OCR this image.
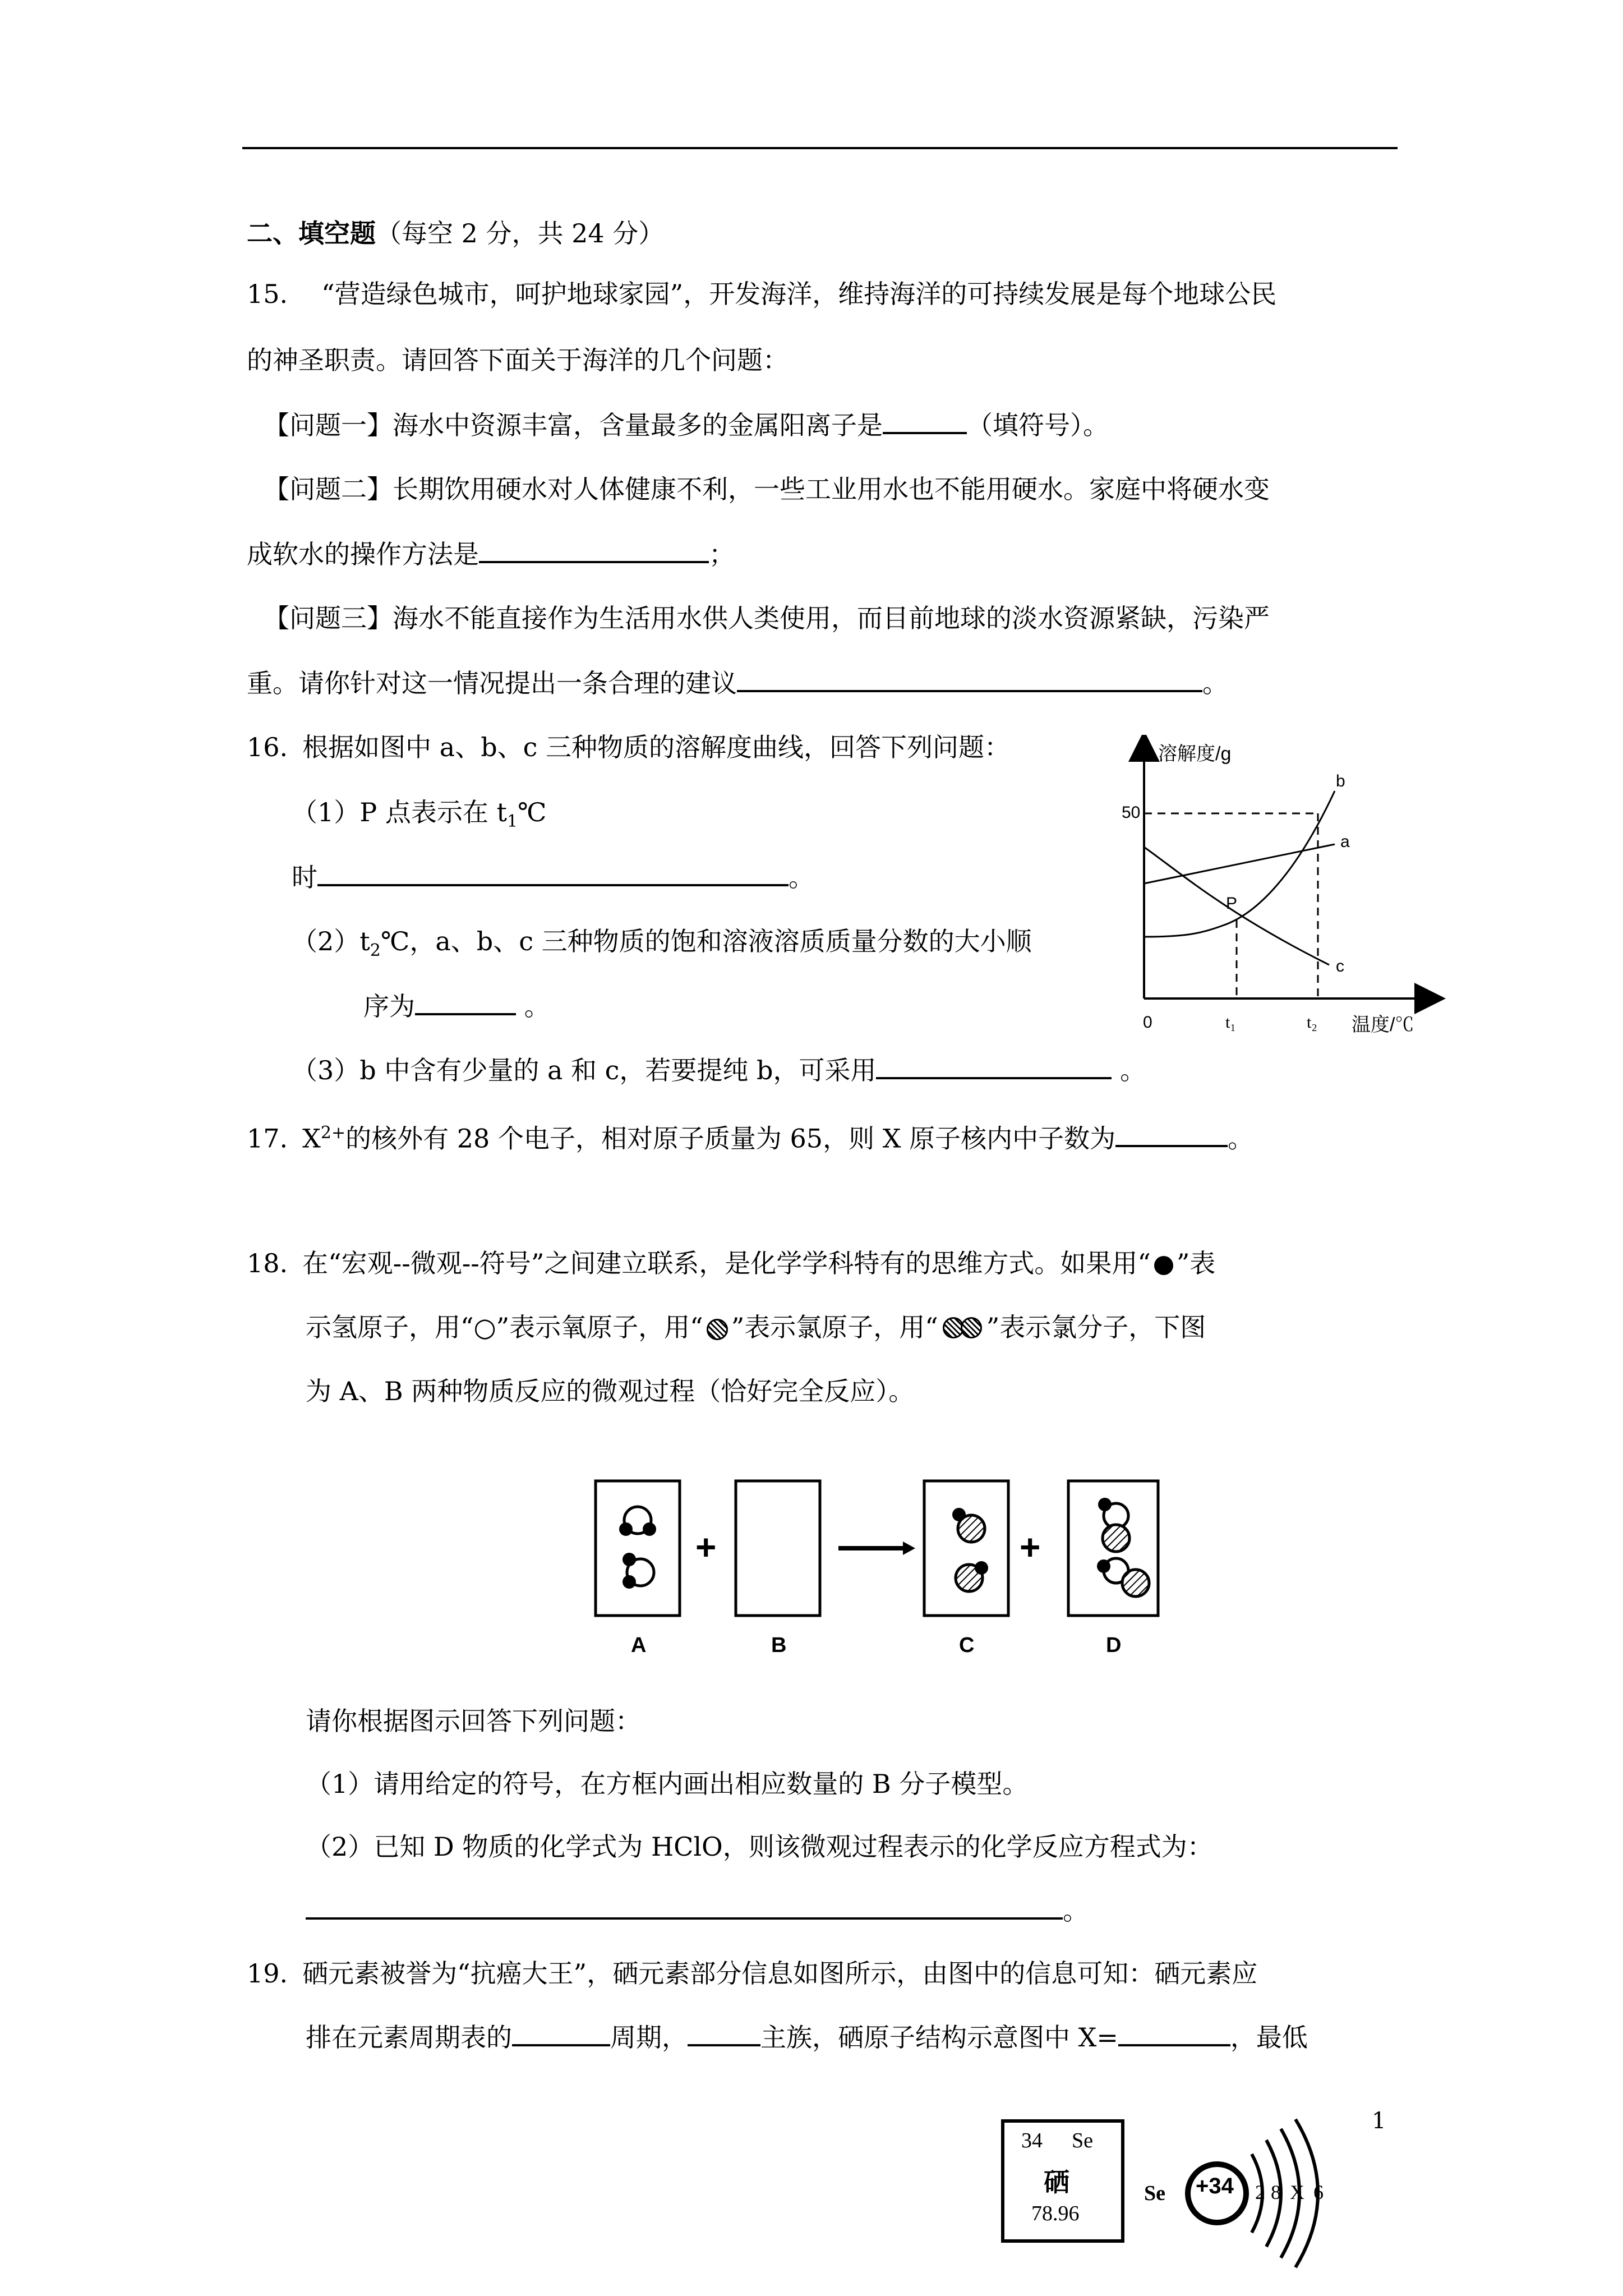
二、填空题（每空 2 分，共 24 分）
15. “营造绿色城市，呵护地球家园”，开发海洋，维持海洋的可持续发展是每个地球公民
的神圣职责。请回答下面关于海洋的几个问题：
【问题一】海水中资源丰富，含量最多的金属阳离子是	（填符号）。
【问题二】长期饮用硬水对人体健康不利，一些工业用水也不能用硬水。家庭中将硬水变
成软水的操作方法是	；
【问题三】海水不能直接作为生活用水供人类使用，而目前地球的淡水资源紧缺，污染严
重。请你针对这一情况提出一条合理的建议	。
16. 根据如图中 a、b、c 三种物质的溶解度曲线，回答下列问题：
（1）P 点表示在 $t_1℃$
时	。
$(2)t_2℃$，a、b、c 三种物质的饱和溶液溶质质量分数的大小顺
序为	。
（3）b 中含有少量的 a 和 c，若要提纯 b，可采用	。
溶解度/g
温度/℃
50
0	t₁	t₂
a
b
c
P
17. $X^{2+}$的核外有 28 个电子，相对原子质量为 65，则 X 原子核内中子数为	。
18. 在“宏观--微观--符号”之间建立联系，是化学学科特有的思维方式。如果用“ ”表
示氢原子，用“○”表示氧原子，用“ ”表示氯原子，用“ ”表示氯分子，下图
为 A、B 两种物质反应的微观过程（恰好完全反应）。
+	+
A	B	C	D
请你根据图示回答下列问题：
（1）请用给定的符号，在方框内画出相应数量的 B 分子模型。
（2）已知 D 物质的化学式为 HClO，则该微观过程表示的化学反应方程式为：
。
19. 硒元素被誉为“抗癌大王”，硒元素部分信息如图所示，由图中的信息可知：硒元素应
排在元素周期表的	周期，	主族，硒原子结构示意图中 X=	，最低
34 Se
硒
78.96
Se +34 2 8 X 6
1
